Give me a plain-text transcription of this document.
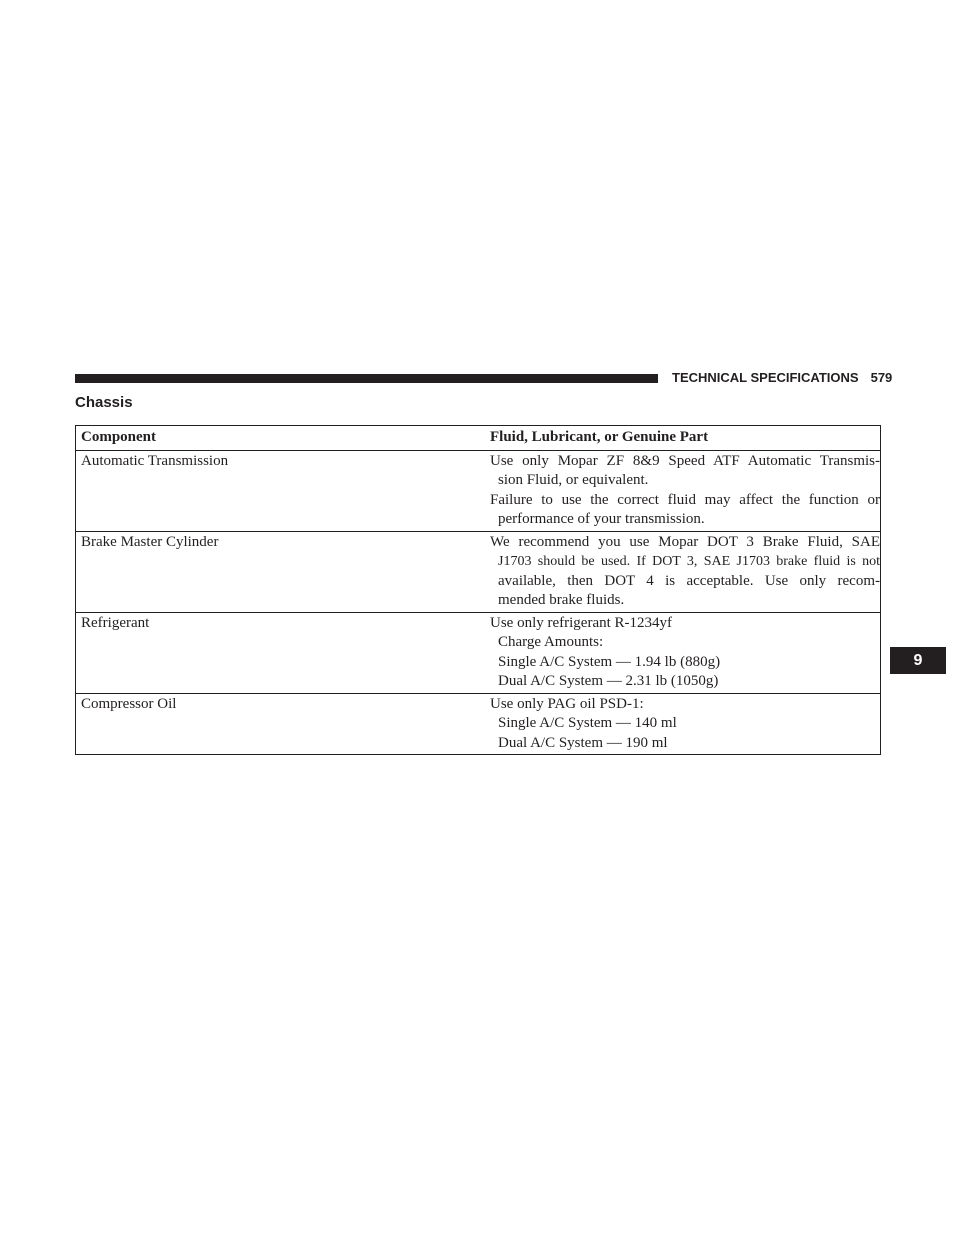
TECHNICAL SPECIFICATIONS 579
Chassis
Component	Fluid, Lubricant, or Genuine Part
Automatic Transmission	Use only Mopar ZF 8&9 Speed ATF Automatic Transmis-
sion Fluid, or equivalent.
Failure to use the correct fluid may affect the function or
performance of your transmission.

Brake Master Cylinder	We recommend you use Mopar DOT 3 Brake Fluid, SAE
J1703 should be used. If DOT 3, SAE J1703 brake fluid is not
available, then DOT 4 is acceptable. Use only recom-
mended brake fluids.

Refrigerant	Use only refrigerant R-1234yf
Charge Amounts:
Single A/C System — 1.94 lb (880g)
Dual A/C System — 2.31 lb (1050g)

Compressor Oil	Use only PAG oil PSD-1:
Single A/C System — 140 ml
Dual A/C System — 190 ml
9
